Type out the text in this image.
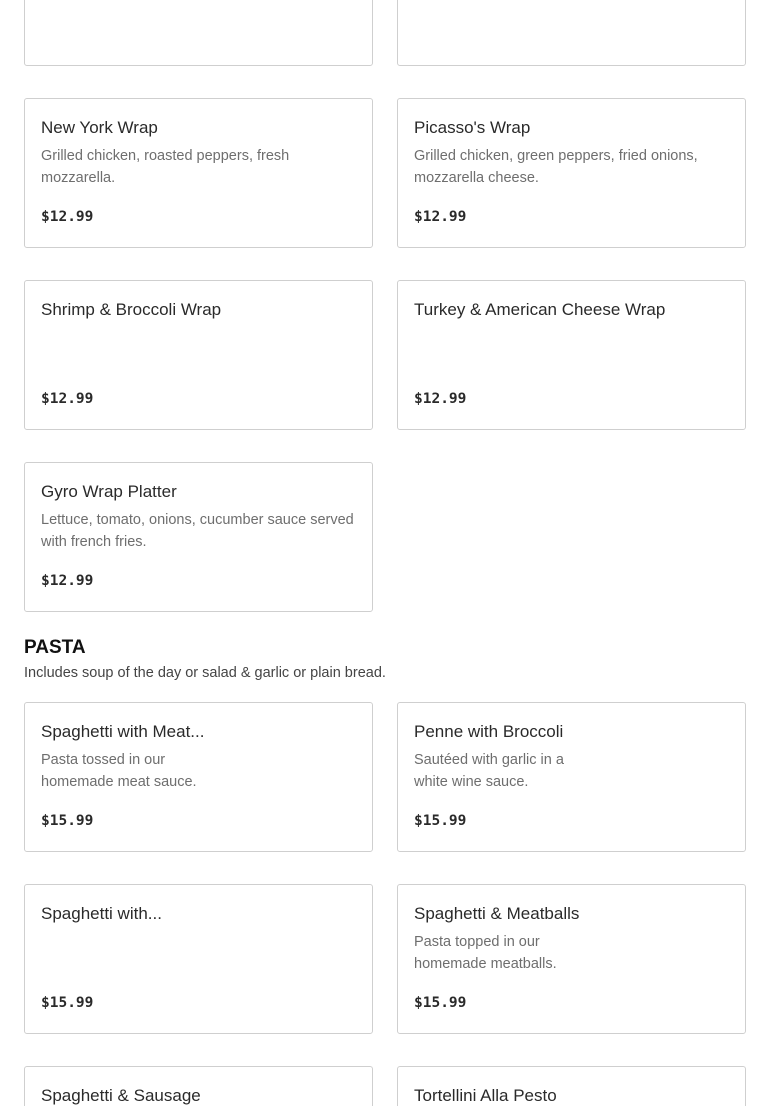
New York Wrap
Grilled chicken, roasted peppers, fresh mozzarella.
$12.99
Picasso's Wrap
Grilled chicken, green peppers, fried onions, mozzarella cheese.
$12.99
Shrimp & Broccoli Wrap
$12.99
Turkey & American Cheese Wrap
$12.99
Gyro Wrap Platter
Lettuce, tomato, onions, cucumber sauce served with french fries.
$12.99
PASTA
Includes soup of the day or salad & garlic or plain bread.
Spaghetti with Meat...
Pasta tossed in our homemade meat sauce.
$15.99
Penne with Broccoli
Sautéed with garlic in a white wine sauce.
$15.99
Spaghetti with...
$15.99
Spaghetti & Meatballs
Pasta topped in our homemade meatballs.
$15.99
Spaghetti & Sausage	Tortellini Alla Pesto
